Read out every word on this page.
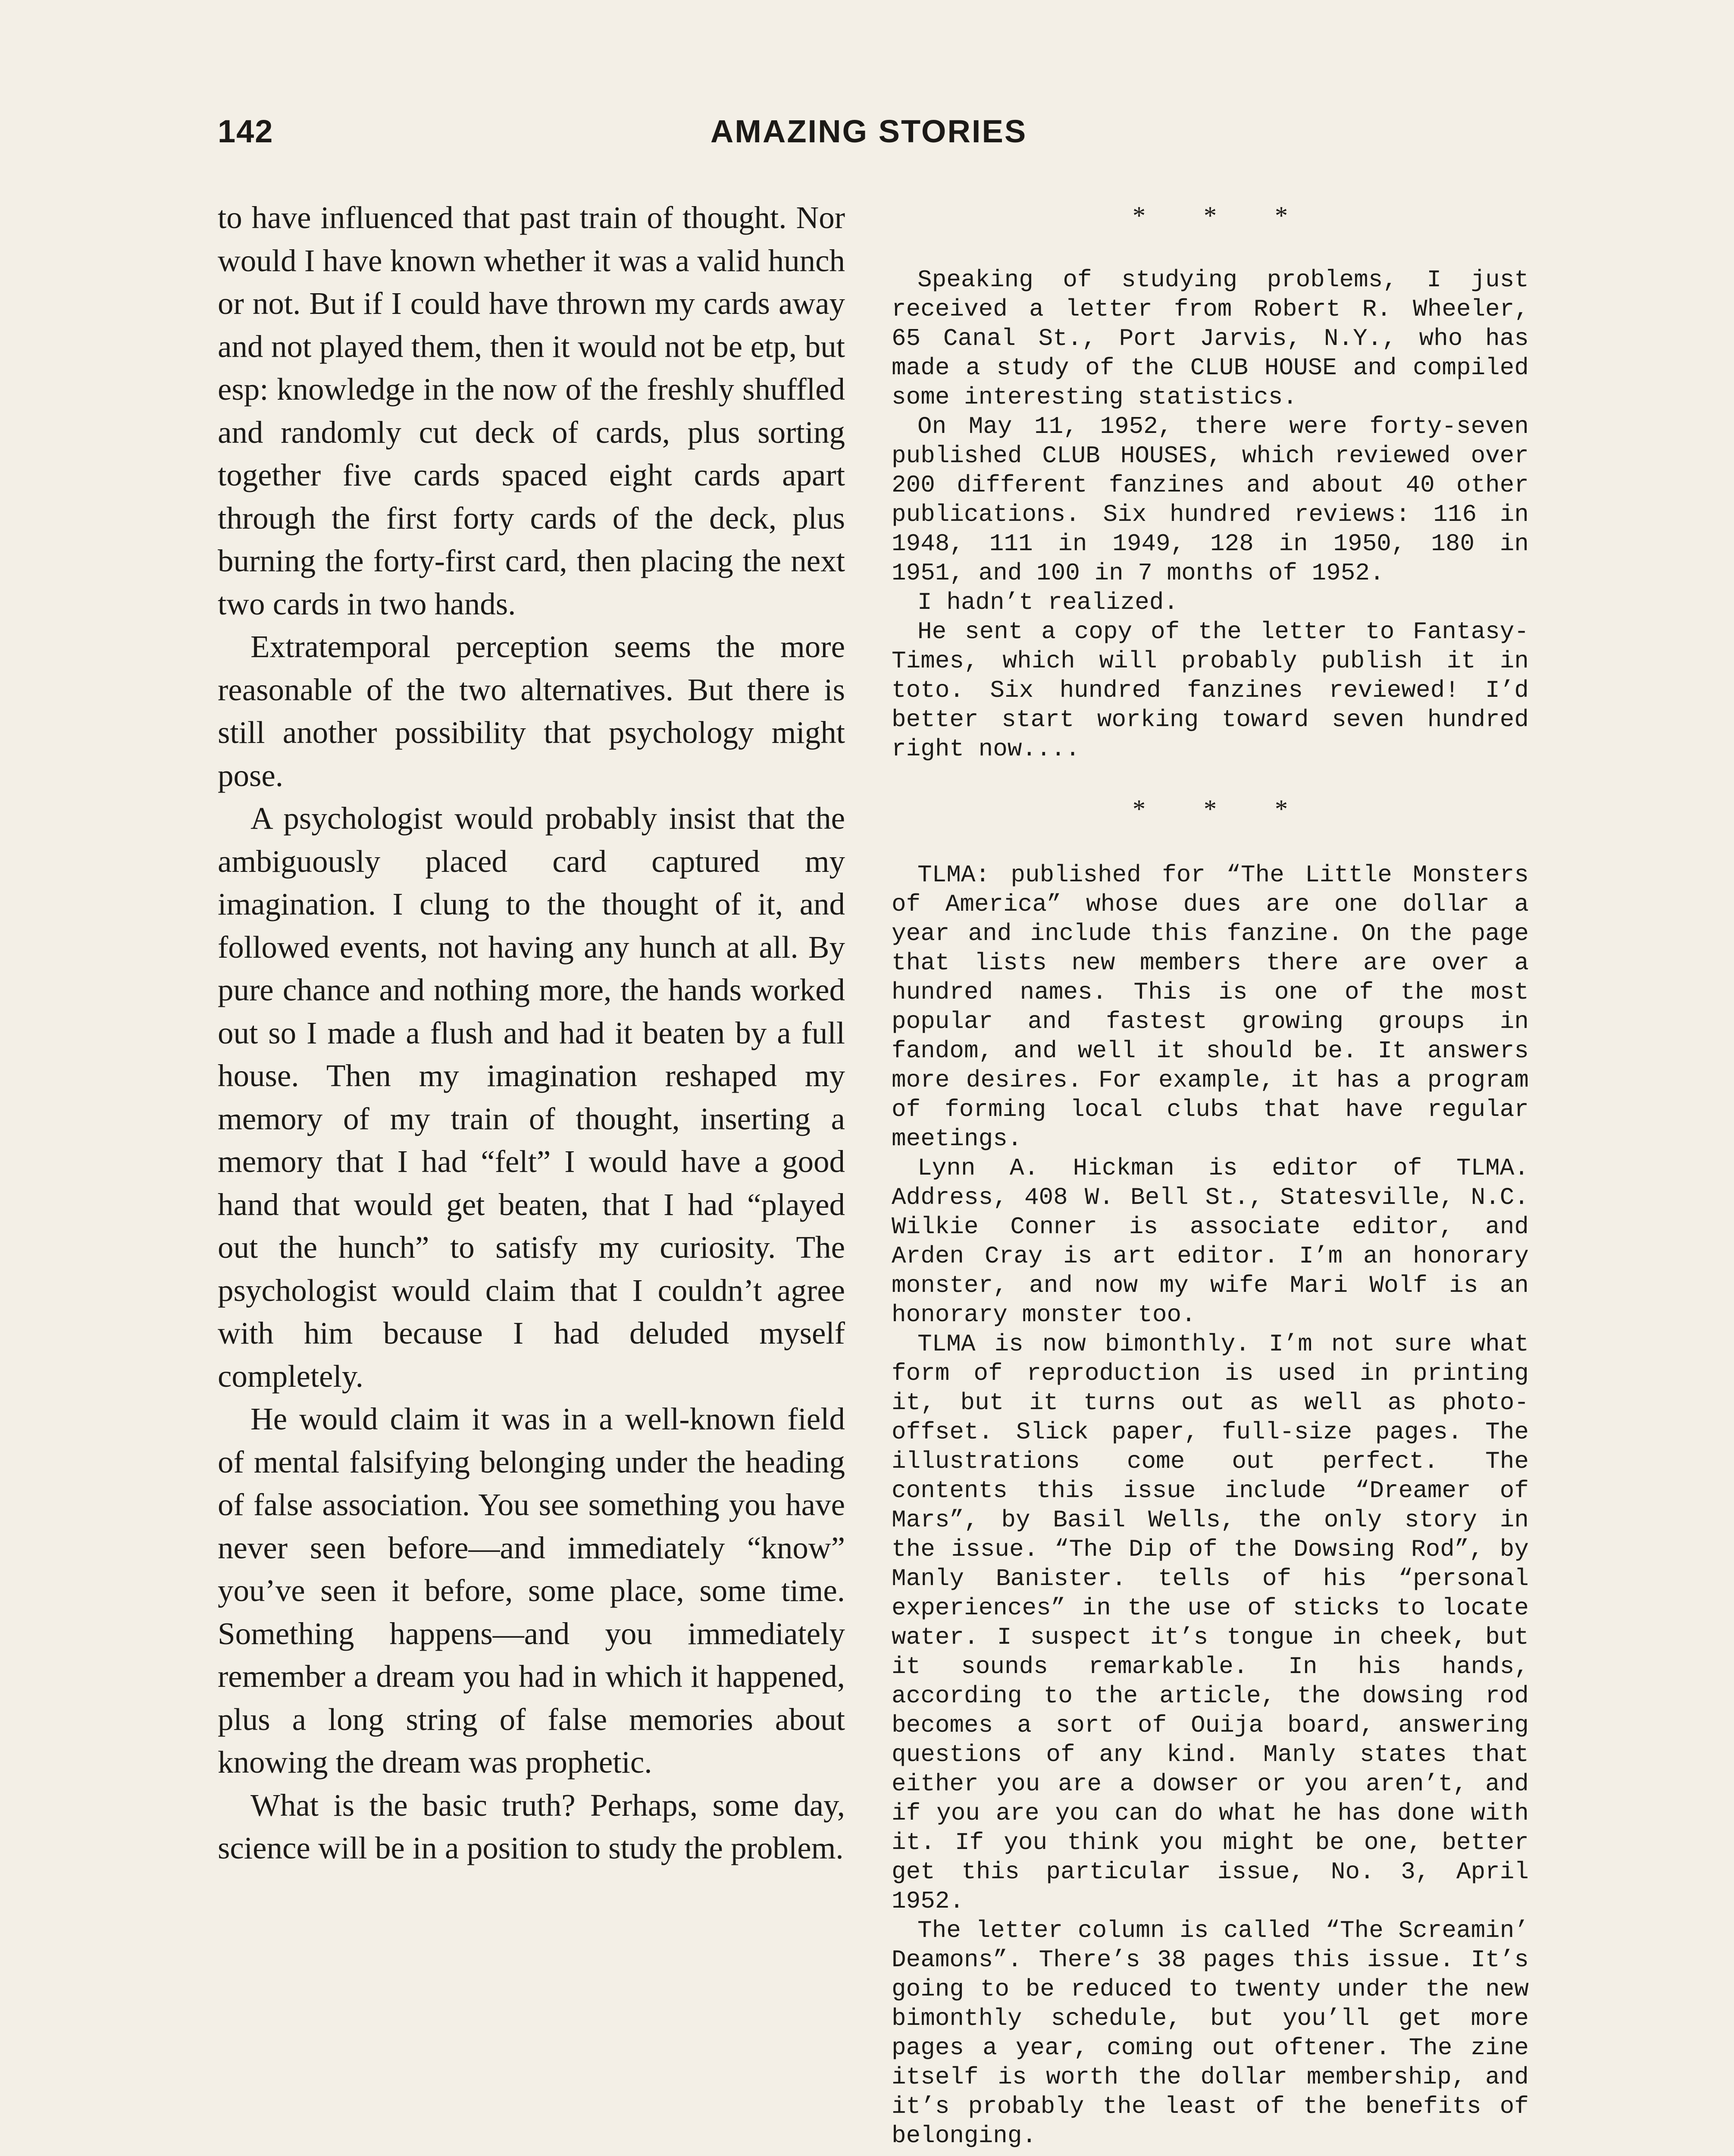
142	AMAZING STORIES

to have influenced that past train of thought. Nor would I have known whether it was a valid hunch or not. But if I could have thrown my cards away and not played them, then it would not be etp, but esp: knowledge in the now of the freshly shuffled and randomly cut deck of cards, plus sorting together five cards spaced eight cards apart through the first forty cards of the deck, plus burning the forty-first card, then placing the next two cards in two hands.

Extratemporal perception seems the more reasonable of the two alternatives. But there is still another possibility that psychology might pose.

A psychologist would probably insist that the ambiguously placed card captured my imagination. I clung to the thought of it, and followed events, not having any hunch at all. By pure chance and nothing more, the hands worked out so I made a flush and had it beaten by a full house. Then my imagination reshaped my memory of my train of thought, inserting a memory that I had “felt” I would have a good hand that would get beaten, that I had “played out the hunch” to satisfy my curiosity. The psychologist would claim that I couldn’t agree with him because I had deluded myself completely.

He would claim it was in a well-known field of mental falsifying belonging under the heading of false association. You see something you have never seen before—and immediately “know” you’ve seen it before, some place, some time. Something happens—and you immediately remember a dream you had in which it happened, plus a long string of false memories about knowing the dream was prophetic.

What is the basic truth? Perhaps, some day, science will be in a position to study the problem.

* * *

Speaking of studying problems, I just received a letter from Robert R. Wheeler, 65 Canal St., Port Jarvis, N.Y., who has made a study of the CLUB HOUSE and compiled some interesting statistics.

On May 11, 1952, there were forty-seven published CLUB HOUSES, which reviewed over 200 different fanzines and about 40 other publications. Six hundred reviews: 116 in 1948, 111 in 1949, 128 in 1950, 180 in 1951, and 100 in 7 months of 1952.

I hadn’t realized.

He sent a copy of the letter to Fantasy-Times, which will probably publish it in toto. Six hundred fanzines reviewed! I’d better start working toward seven hundred right now....

* * *

TLMA: published for “The Little Monsters of America” whose dues are one dollar a year and include this fanzine. On the page that lists new members there are over a hundred names. This is one of the most popular and fastest growing groups in fandom, and well it should be. It answers more desires. For example, it has a program of forming local clubs that have regular meetings.

Lynn A. Hickman is editor of TLMA. Address, 408 W. Bell St., Statesville, N.C. Wilkie Conner is associate editor, and Arden Cray is art editor. I’m an honorary monster, and now my wife Mari Wolf is an honorary monster too.

TLMA is now bimonthly. I’m not sure what form of reproduction is used in printing it, but it turns out as well as photo-offset. Slick paper, full-size pages. The illustrations come out perfect. The contents this issue include “Dreamer of Mars”, by Basil Wells, the only story in the issue. “The Dip of the Dowsing Rod”, by Manly Banister. tells of his “personal experiences” in the use of sticks to locate water. I suspect it’s tongue in cheek, but it sounds remarkable. In his hands, according to the article, the dowsing rod becomes a sort of Ouija board, answering questions of any kind. Manly states that either you are a dowser or you aren’t, and if you are you can do what he has done with it. If you think you might be one, better get this particular issue, No. 3, April 1952.

The letter column is called “The Screamin’ Deamons”. There’s 38 pages this issue. It’s going to be reduced to twenty under the new bimonthly schedule, but you’ll get more pages a year, coming out oftener. The zine itself is worth the dollar membership, and it’s probably the least of the benefits of belonging.
